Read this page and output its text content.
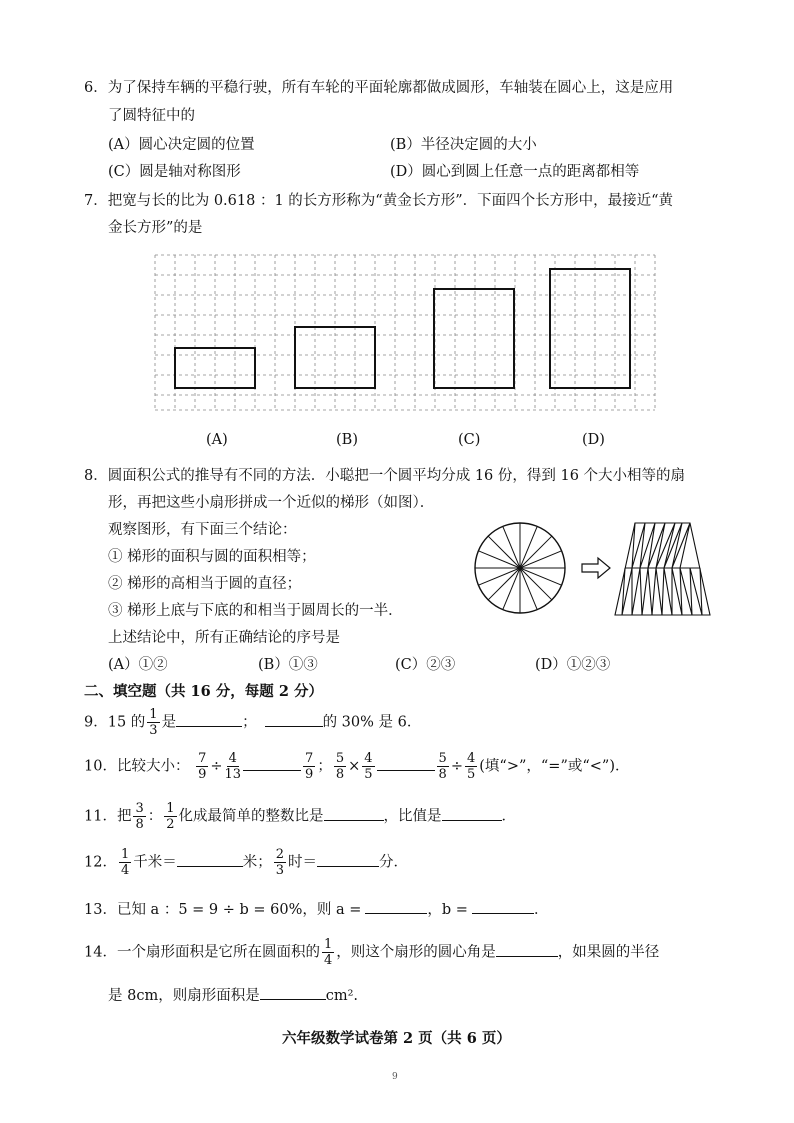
6．为了保持车辆的平稳行驶，所有车轮的平面轮廓都做成圆形，车轴装在圆心上，这是应用
了圆特征中的
(A）圆心决定圆的位置	(B）半径决定圆的大小
(C）圆是轴对称图形	(D）圆心到圆上任意一点的距离都相等
7．把宽与长的比为 0.618 ：1 的长方形称为“黄金长方形”．下面四个长方形中，最接近“黄
金长方形”的是
(A)	(B)	(C)	(D)
8．圆面积公式的推导有不同的方法．小聪把一个圆平均分成 16 份，得到 16 个大小相等的扇
形，再把这些小扇形拼成一个近似的梯形（如图）．
观察图形，有下面三个结论：
① 梯形的面积与圆的面积相等；
② 梯形的高相当于圆的直径；
③ 梯形上底与下底的和相当于圆周长的一半．
上述结论中，所有正确结论的序号是
(A）①②	(B）①③	(C）②③	(D）①②③
二、填空题（共 16 分，每题 2 分）
9．15 的 $\frac{1}{3}$ 是	；	的 30% 是 6．
10．比较大小： $\frac{7}{9} \div \frac{4}{13}$	$\frac{7}{9}$ ； $\frac{5}{8} \times \frac{4}{5}$	$\frac{5}{8} \div \frac{4}{5}$ (填“>”，“=”或“<”)．
11．把 $\frac{3}{8}$ ： $\frac{1}{2}$ 化成最简单的整数比是	，比值是	．
12． $\frac{1}{4}$ 千米＝	米； $\frac{2}{3}$ 时＝	分．
13．已知 a ：5 = 9 ÷ b = 60%，则 a =	，b =	．
14．一个扇形面积是它所在圆面积的 $\frac{1}{4}$ ，则这个扇形的圆心角是	，如果圆的半径
是 8cm，则扇形面积是	cm².
六年级数学试卷第 2 页（共 6 页）
9
